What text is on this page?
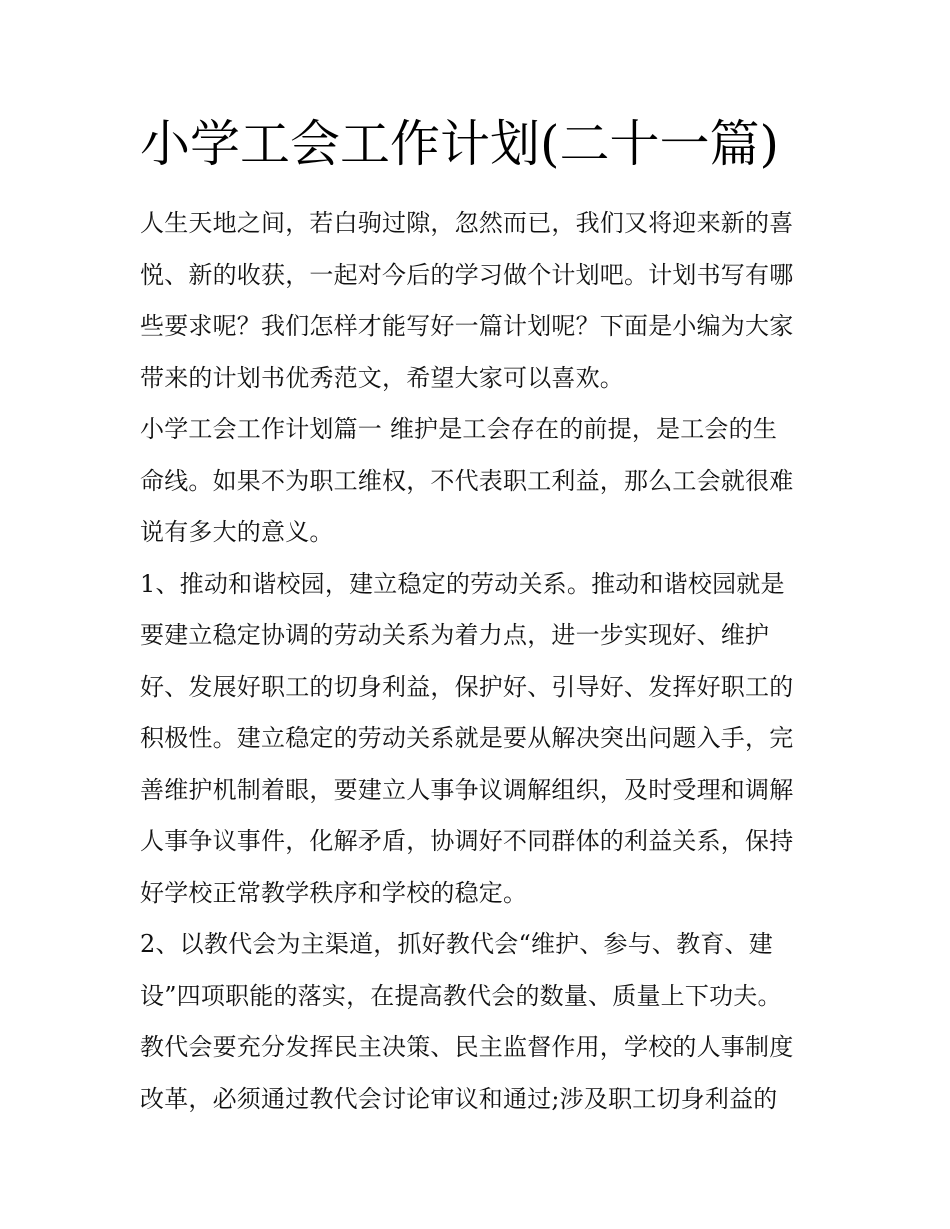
小学工会工作计划(二十一篇)

人生天地之间，若白驹过隙，忽然而已，我们又将迎来新的喜

悦、新的收获，一起对今后的学习做个计划吧。计划书写有哪

些要求呢？我们怎样才能写好一篇计划呢？下面是小编为大家

带来的计划书优秀范文，希望大家可以喜欢。

小学工会工作计划篇一 维护是工会存在的前提，是工会的生

命线。如果不为职工维权，不代表职工利益，那么工会就很难

说有多大的意义。

1、推动和谐校园，建立稳定的劳动关系。推动和谐校园就是

要建立稳定协调的劳动关系为着力点，进一步实现好、维护

好、发展好职工的切身利益，保护好、引导好、发挥好职工的

积极性。建立稳定的劳动关系就是要从解决突出问题入手，完

善维护机制着眼，要建立人事争议调解组织，及时受理和调解

人事争议事件，化解矛盾，协调好不同群体的利益关系，保持

好学校正常教学秩序和学校的稳定。

2、以教代会为主渠道，抓好教代会“维护、参与、教育、建

设”四项职能的落实，在提高教代会的数量、质量上下功夫。

教代会要充分发挥民主决策、民主监督作用，学校的人事制度

改革，必须通过教代会讨论审议和通过;涉及职工切身利益的
